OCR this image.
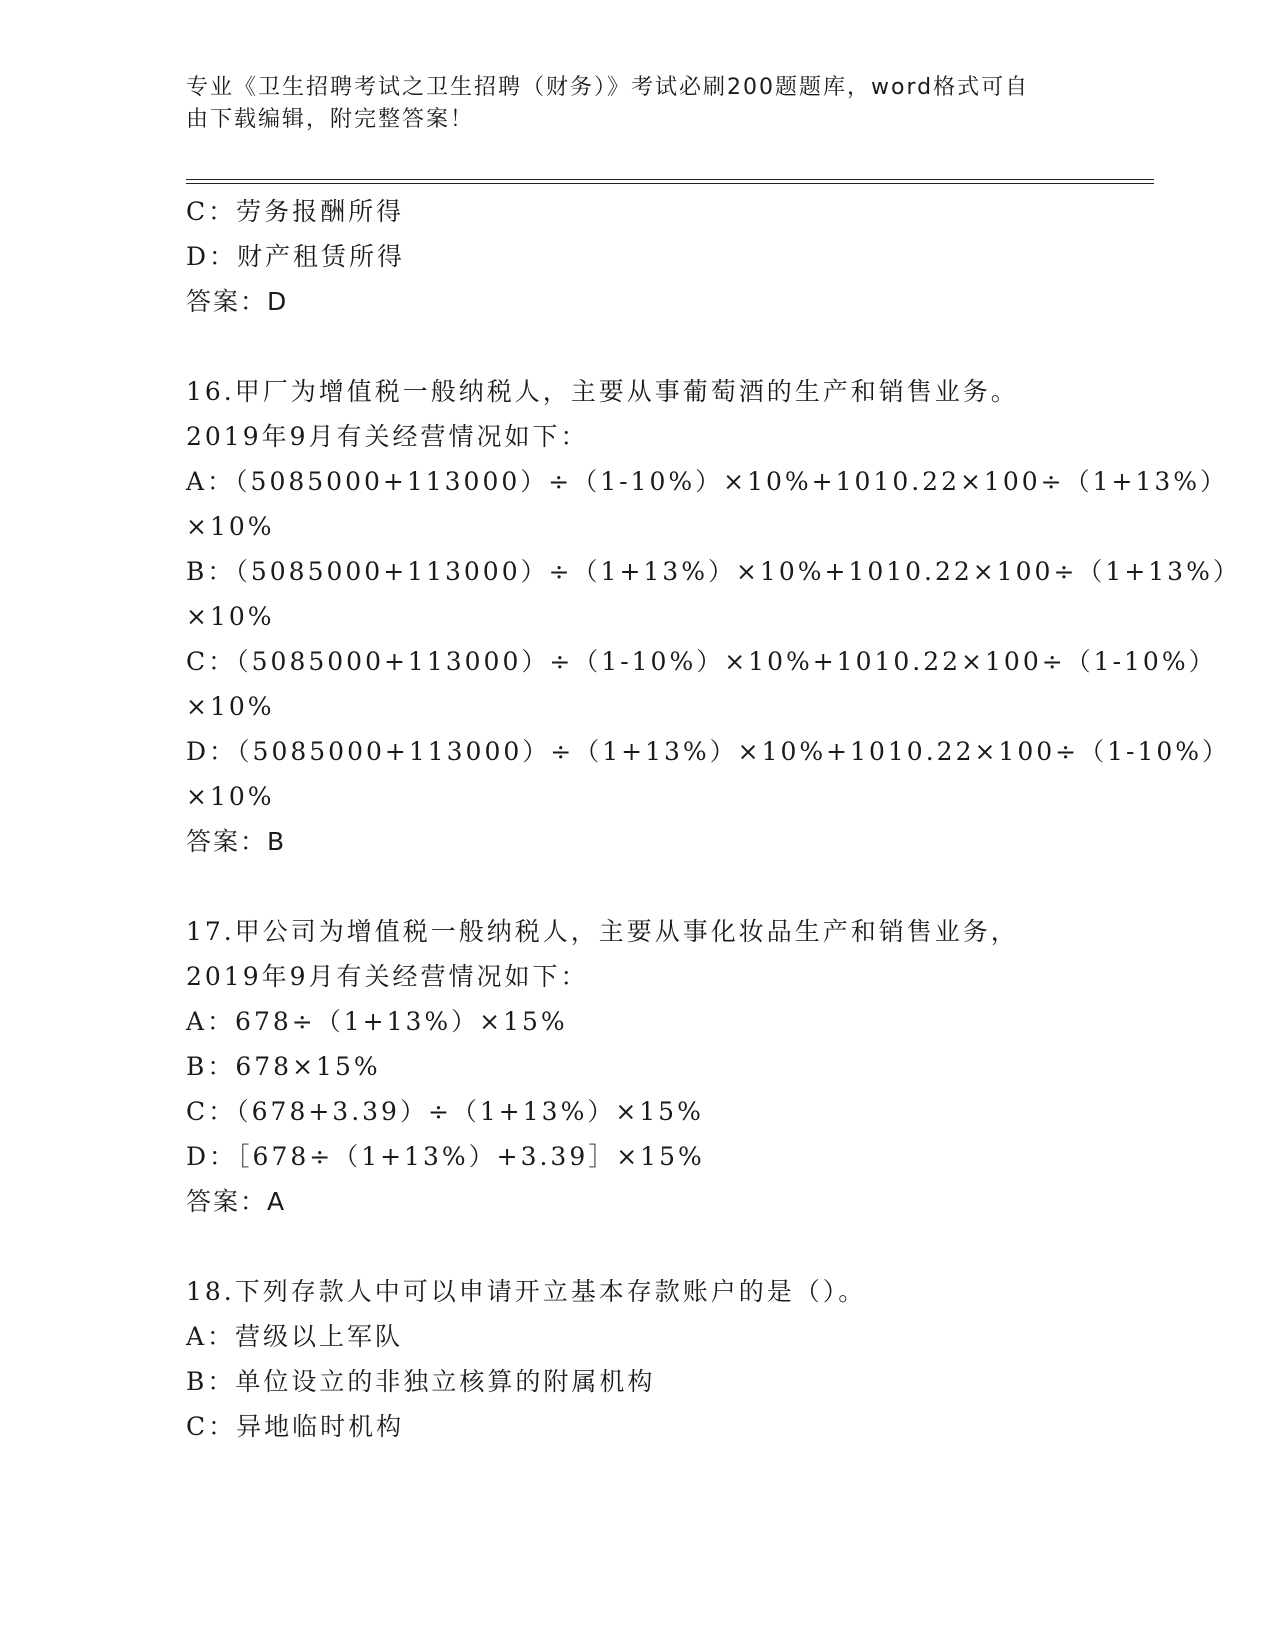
专业《卫生招聘考试之卫生招聘（财务）》考试必刷200题题库，word格式可自
由下载编辑，附完整答案！
C：劳务报酬所得
D：财产租赁所得
答案：D
16.甲厂为增值税一般纳税人，主要从事葡萄酒的生产和销售业务。
2019年9月有关经营情况如下：
A：（5085000+113000）÷（1-10%）×10%+1010.22×100÷（1+13%）
×10%
B：（5085000+113000）÷（1+13%）×10%+1010.22×100÷（1+13%）
×10%
C：（5085000+113000）÷（1-10%）×10%+1010.22×100÷（1-10%）
×10%
D：（5085000+113000）÷（1+13%）×10%+1010.22×100÷（1-10%）
×10%
答案：B
17.甲公司为增值税一般纳税人，主要从事化妆品生产和销售业务，
2019年9月有关经营情况如下：
A：678÷（1+13%）×15%
B：678×15%
C：（678+3.39）÷（1+13%）×15%
D：［678÷（1+13%）+3.39］×15%
答案：A
18.下列存款人中可以申请开立基本存款账户的是（）。
A：营级以上军队
B：单位设立的非独立核算的附属机构
C：异地临时机构
